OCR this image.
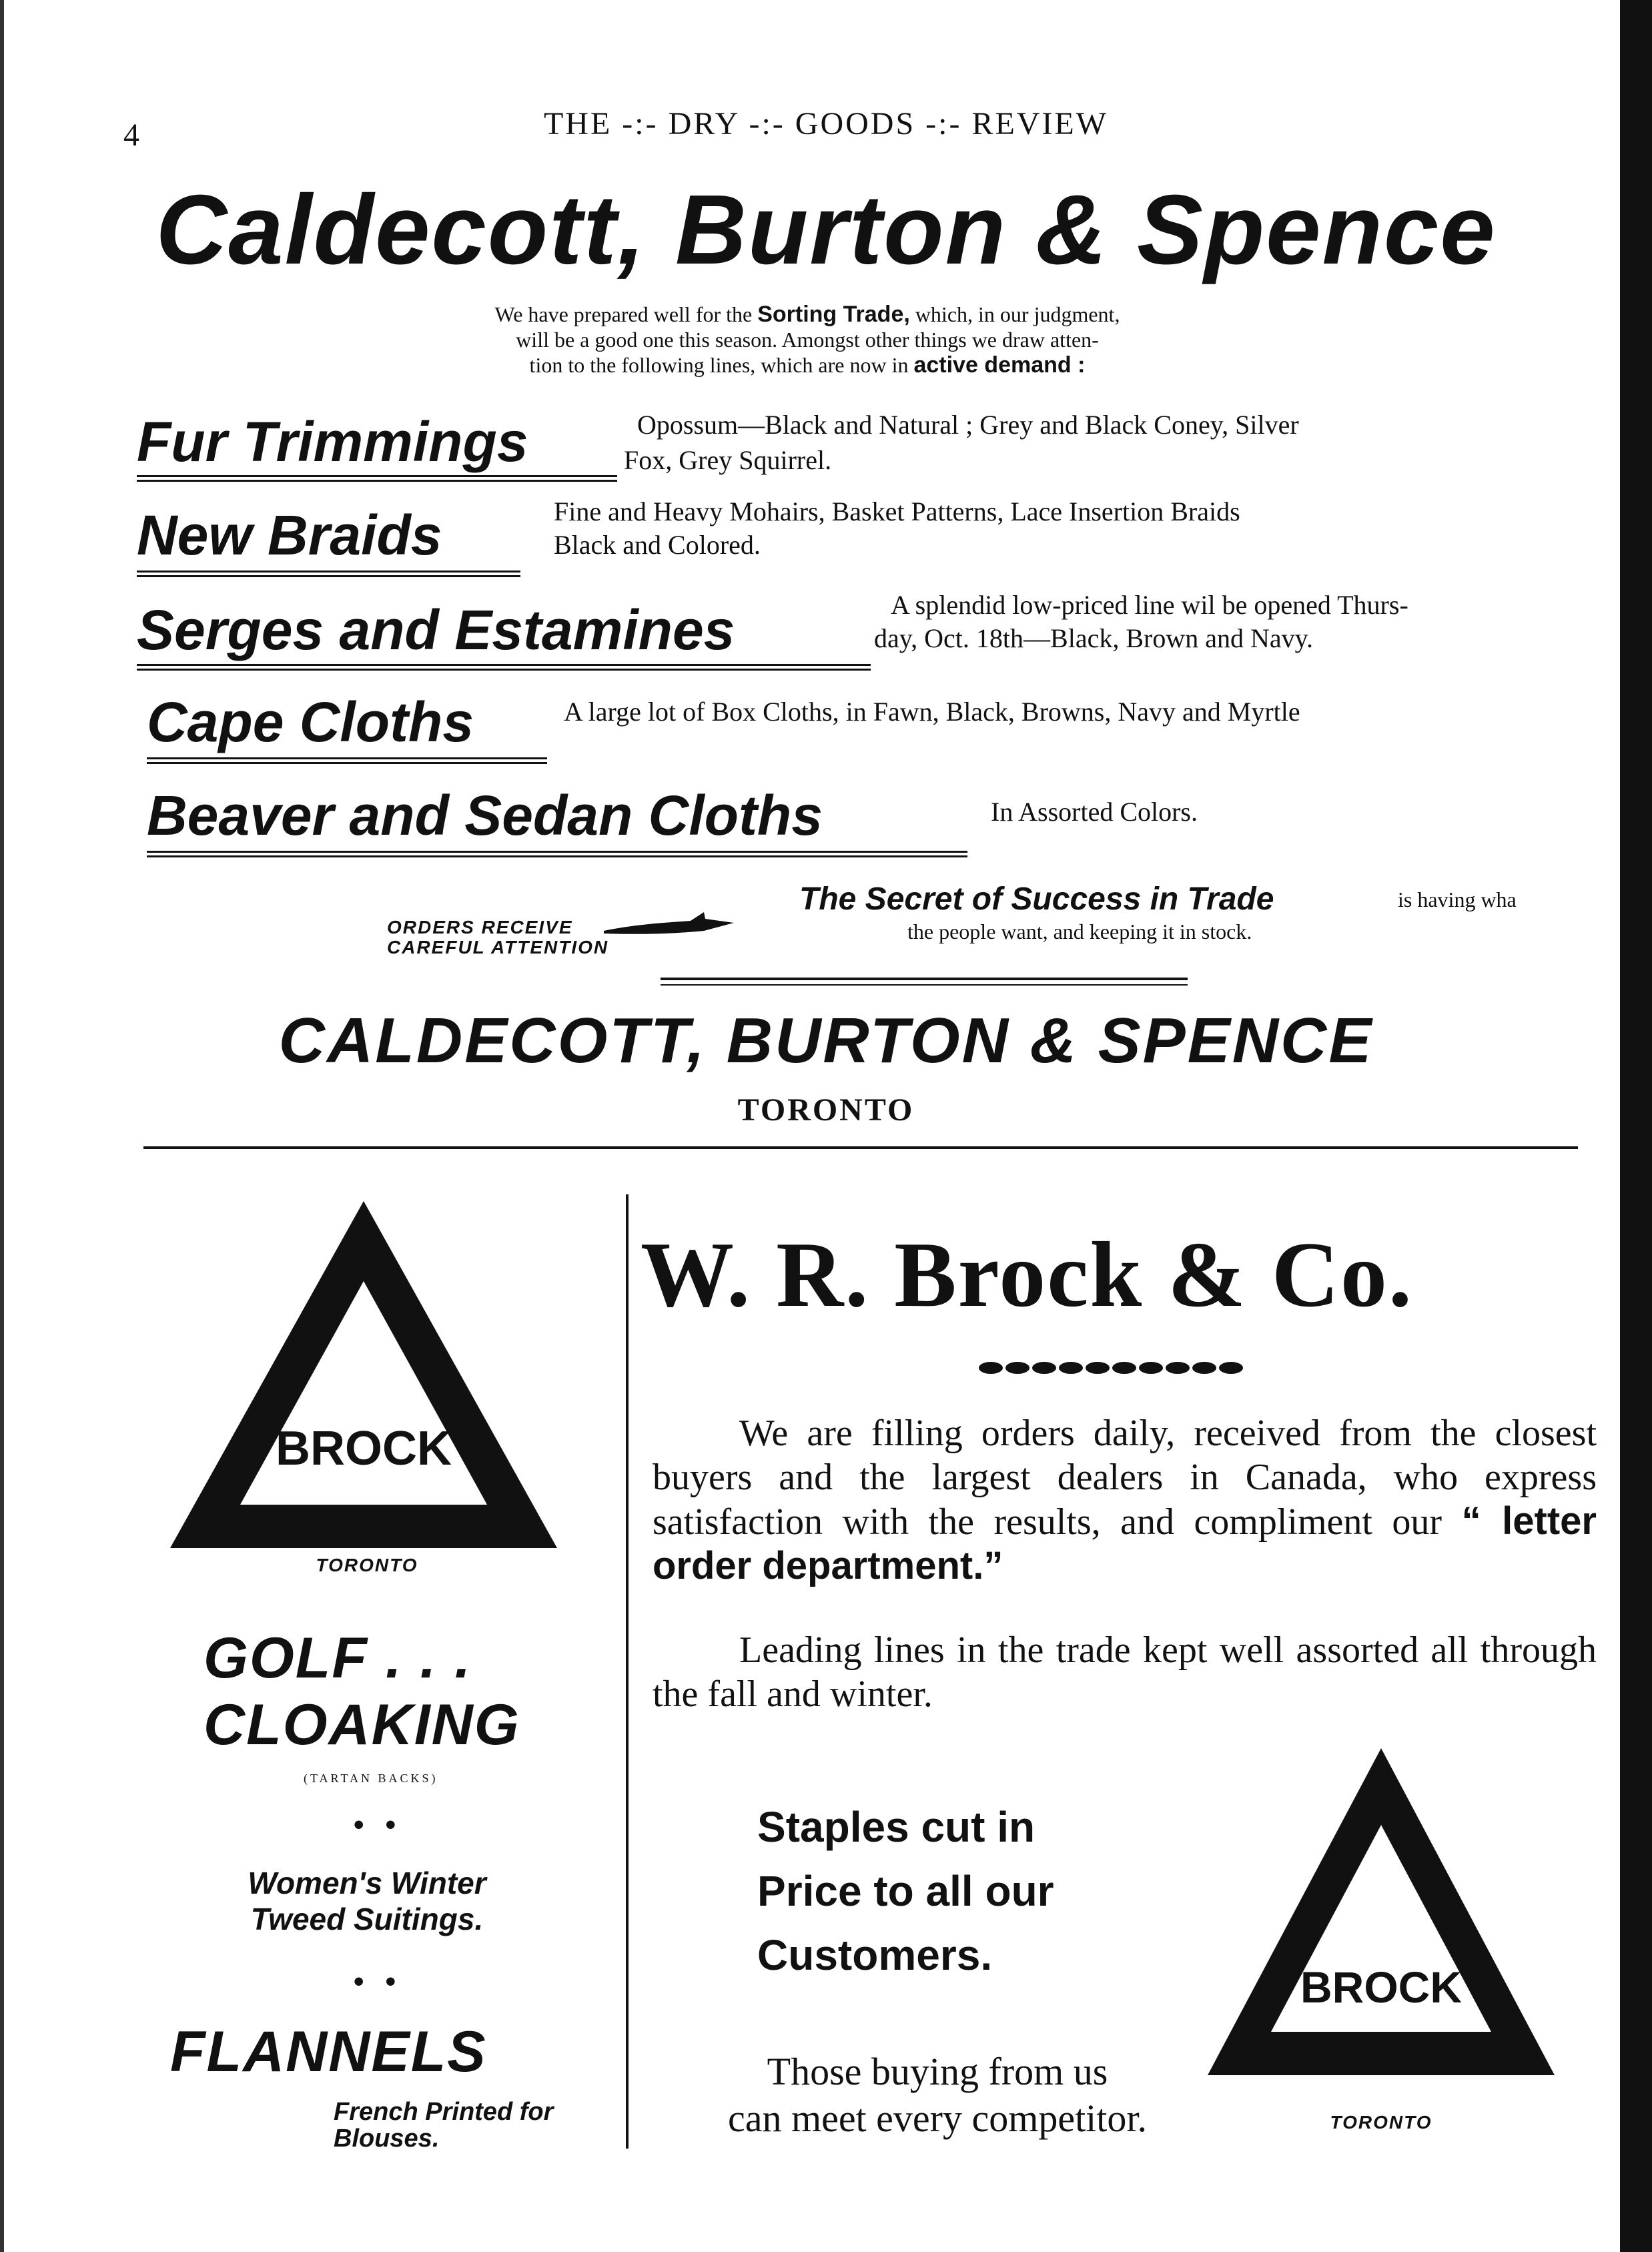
4	THE -:- DRY -:- GOODS -:- REVIEW
Caldecott, Burton & Spence
We have prepared well for the Sorting Trade, which, in our judgment,
will be a good one this season. Amongst other things we draw atten-
tion to the following lines, which are now in active demand :
Fur Trimmings	Opossum—Black and Natural ; Grey and Black Coney, Silver
Fox, Grey Squirrel.
New Braids	Fine and Heavy Mohairs, Basket Patterns, Lace Insertion Braids
Black and Colored.
Serges and Estamines	A splendid low-priced line wil be opened Thurs-
day, Oct. 18th—Black, Brown and Navy.
Cape Cloths	A large lot of Box Cloths, in Fawn, Black, Browns, Navy and Myrtle
Beaver and Sedan Cloths	In Assorted Colors.
ORDERS RECEIVE
CAREFUL ATTENTION
The Secret of Success in Trade	is having wha
the people want, and keeping it in stock.
CALDECOTT, BURTON & SPENCE
TORONTO
BROCK
TORONTO
GOLF . . .
CLOAKING
(TARTAN BACKS)
• •
Women's Winter
Tweed Suitings.
• •
FLANNELS
French Printed for
Blouses.
W. R. Brock & Co.
We are filling orders daily, received from the closest buyers and the largest dealers in Canada, who express satisfaction with the results, and compliment our “ letter order department.”
Leading lines in the trade kept well assorted all through the fall and winter.
Staples cut in
Price to all our
Customers.
Those buying from us
can meet every competitor.
BROCK
TORONTO
